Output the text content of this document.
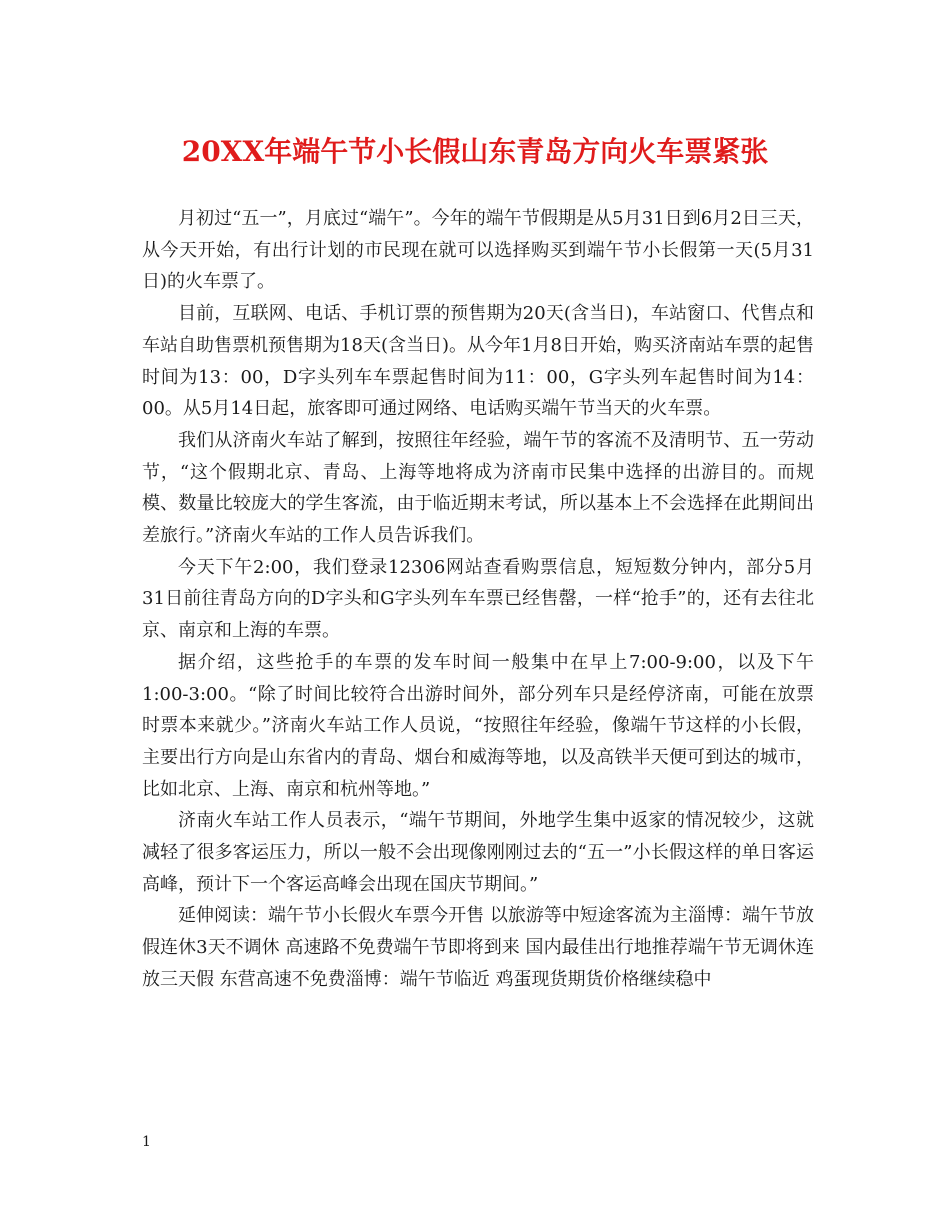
20XX年端午节小长假山东青岛方向火车票紧张

月初过“五一”，月底过“端午”。今年的端午节假期是从5月31日到6月2日三天，从今天开始，有出行计划的市民现在就可以选择购买到端午节小长假第一天(5月31日)的火车票了。

目前，互联网、电话、手机订票的预售期为20天(含当日)，车站窗口、代售点和车站自助售票机预售期为18天(含当日)。从今年1月8日开始，购买济南站车票的起售时间为13：00，D字头列车车票起售时间为11：00，G字头列车起售时间为14：00。从5月14日起，旅客即可通过网络、电话购买端午节当天的火车票。

我们从济南火车站了解到，按照往年经验，端午节的客流不及清明节、五一劳动节，“这个假期北京、青岛、上海等地将成为济南市民集中选择的出游目的。而规模、数量比较庞大的学生客流，由于临近期末考试，所以基本上不会选择在此期间出差旅行。”济南火车站的工作人员告诉我们。

今天下午2:00，我们登录12306网站查看购票信息，短短数分钟内，部分5月31日前往青岛方向的D字头和G字头列车车票已经售罄，一样“抢手”的，还有去往北京、南京和上海的车票。

据介绍，这些抢手的车票的发车时间一般集中在早上7:00-9:00，以及下午1:00-3:00。“除了时间比较符合出游时间外，部分列车只是经停济南，可能在放票时票本来就少。”济南火车站工作人员说，“按照往年经验，像端午节这样的小长假，主要出行方向是山东省内的青岛、烟台和威海等地，以及高铁半天便可到达的城市，比如北京、上海、南京和杭州等地。”

济南火车站工作人员表示，“端午节期间，外地学生集中返家的情况较少，这就减轻了很多客运压力，所以一般不会出现像刚刚过去的“五一”小长假这样的单日客运高峰，预计下一个客运高峰会出现在国庆节期间。”

延伸阅读：端午节小长假火车票今开售 以旅游等中短途客流为主淄博：端午节放假连休3天不调休 高速路不免费端午节即将到来 国内最佳出行地推荐端午节无调休连放三天假 东营高速不免费淄博：端午节临近 鸡蛋现货期货价格继续稳中

1
